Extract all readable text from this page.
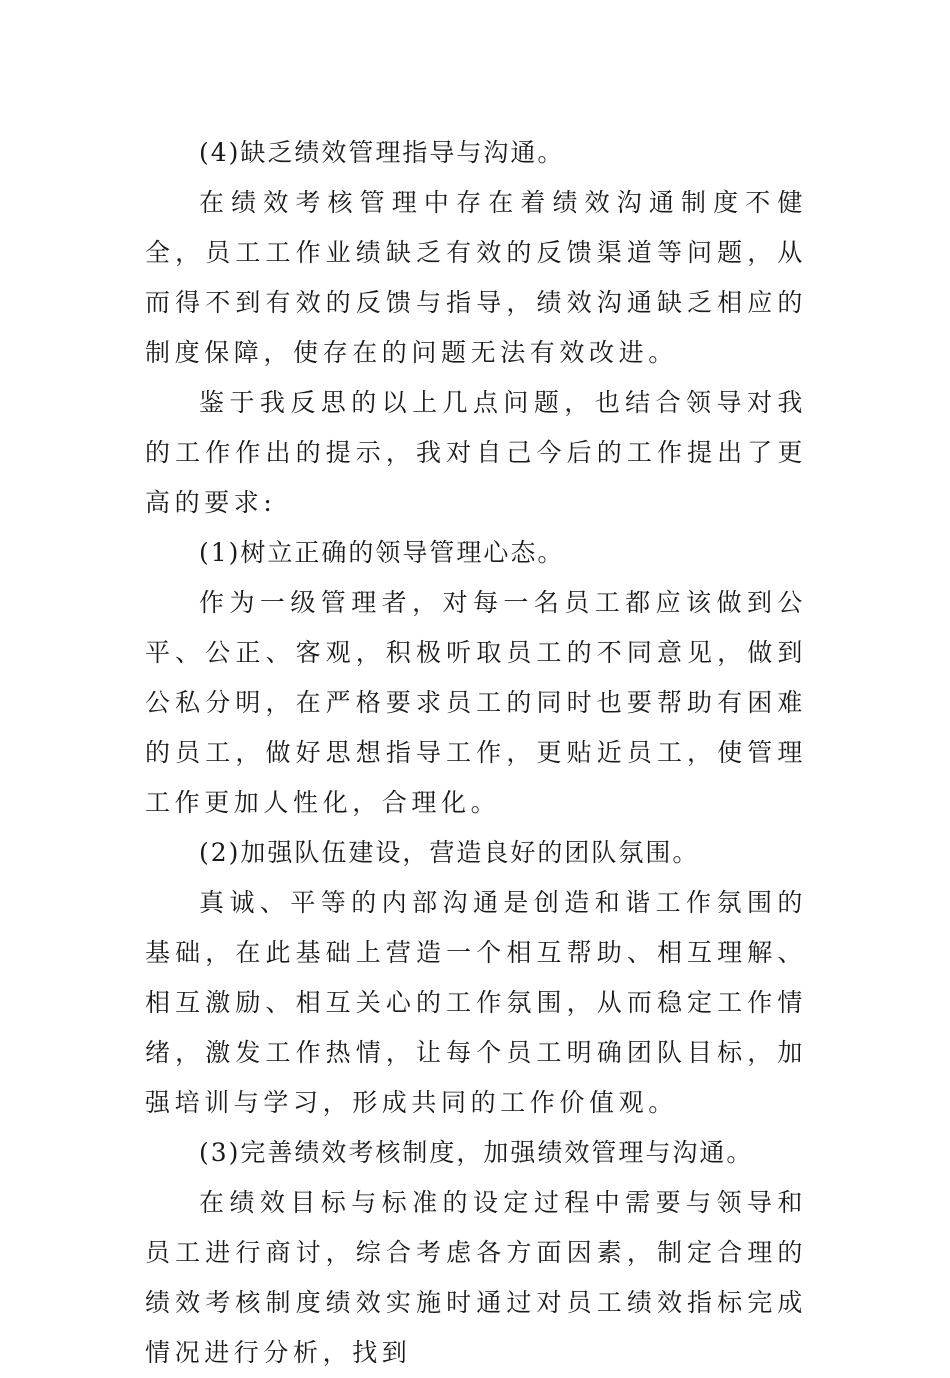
(4)缺乏绩效管理指导与沟通。

在绩效考核管理中存在着绩效沟通制度不健全，员工工作业绩缺乏有效的反馈渠道等问题，从而得不到有效的反馈与指导，绩效沟通缺乏相应的制度保障，使存在的问题无法有效改进。

鉴于我反思的以上几点问题，也结合领导对我的工作作出的提示，我对自己今后的工作提出了更高的要求:

(1)树立正确的领导管理心态。

作为一级管理者，对每一名员工都应该做到公平、公正、客观，积极听取员工的不同意见，做到公私分明，在严格要求员工的同时也要帮助有困难的员工，做好思想指导工作，更贴近员工，使管理工作更加人性化，合理化。

(2)加强队伍建设，营造良好的团队氛围。

真诚、平等的内部沟通是创造和谐工作氛围的基础，在此基础上营造一个相互帮助、相互理解、相互激励、相互关心的工作氛围，从而稳定工作情绪，激发工作热情，让每个员工明确团队目标，加强培训与学习，形成共同的工作价值观。

(3)完善绩效考核制度，加强绩效管理与沟通。

在绩效目标与标准的设定过程中需要与领导和员工进行商讨，综合考虑各方面因素，制定合理的绩效考核制度绩效实施时通过对员工绩效指标完成情况进行分析，找到
